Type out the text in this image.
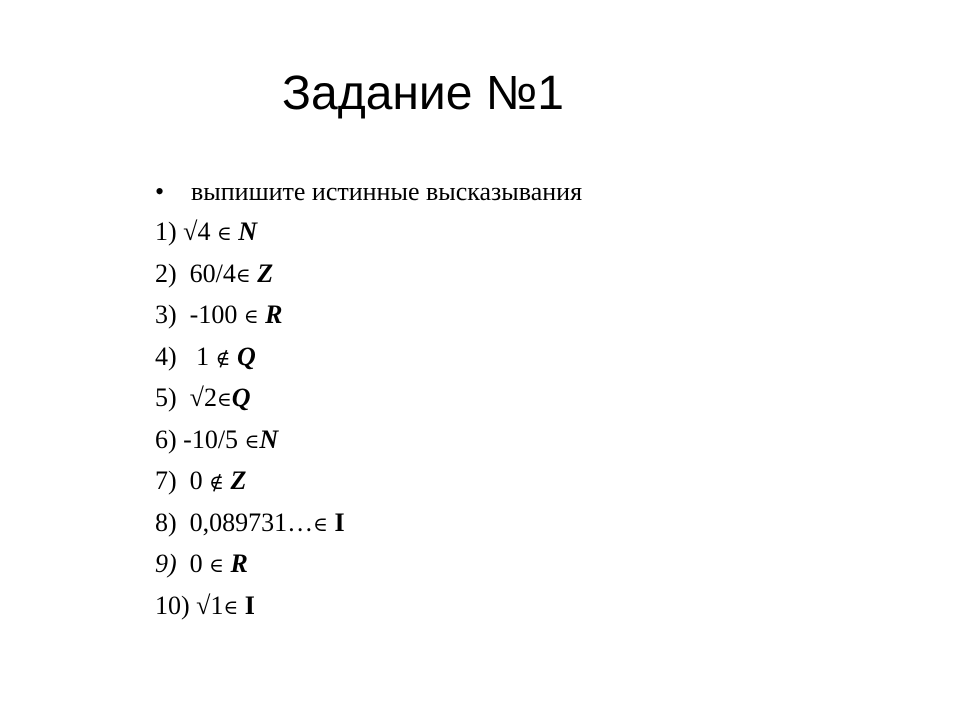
Задание №1
• выпишите истинные высказывания
1) √4 ∈ N
2)  60/4∈ Z
3)  -100 ∈ R
4)   1 ∉ Q
5)  √2∈Q
6) -10/5 ∈N
7)  0 ∉ Z
8)  0,089731…∈ I
9)  0 ∈ R
10) √1∈ I
